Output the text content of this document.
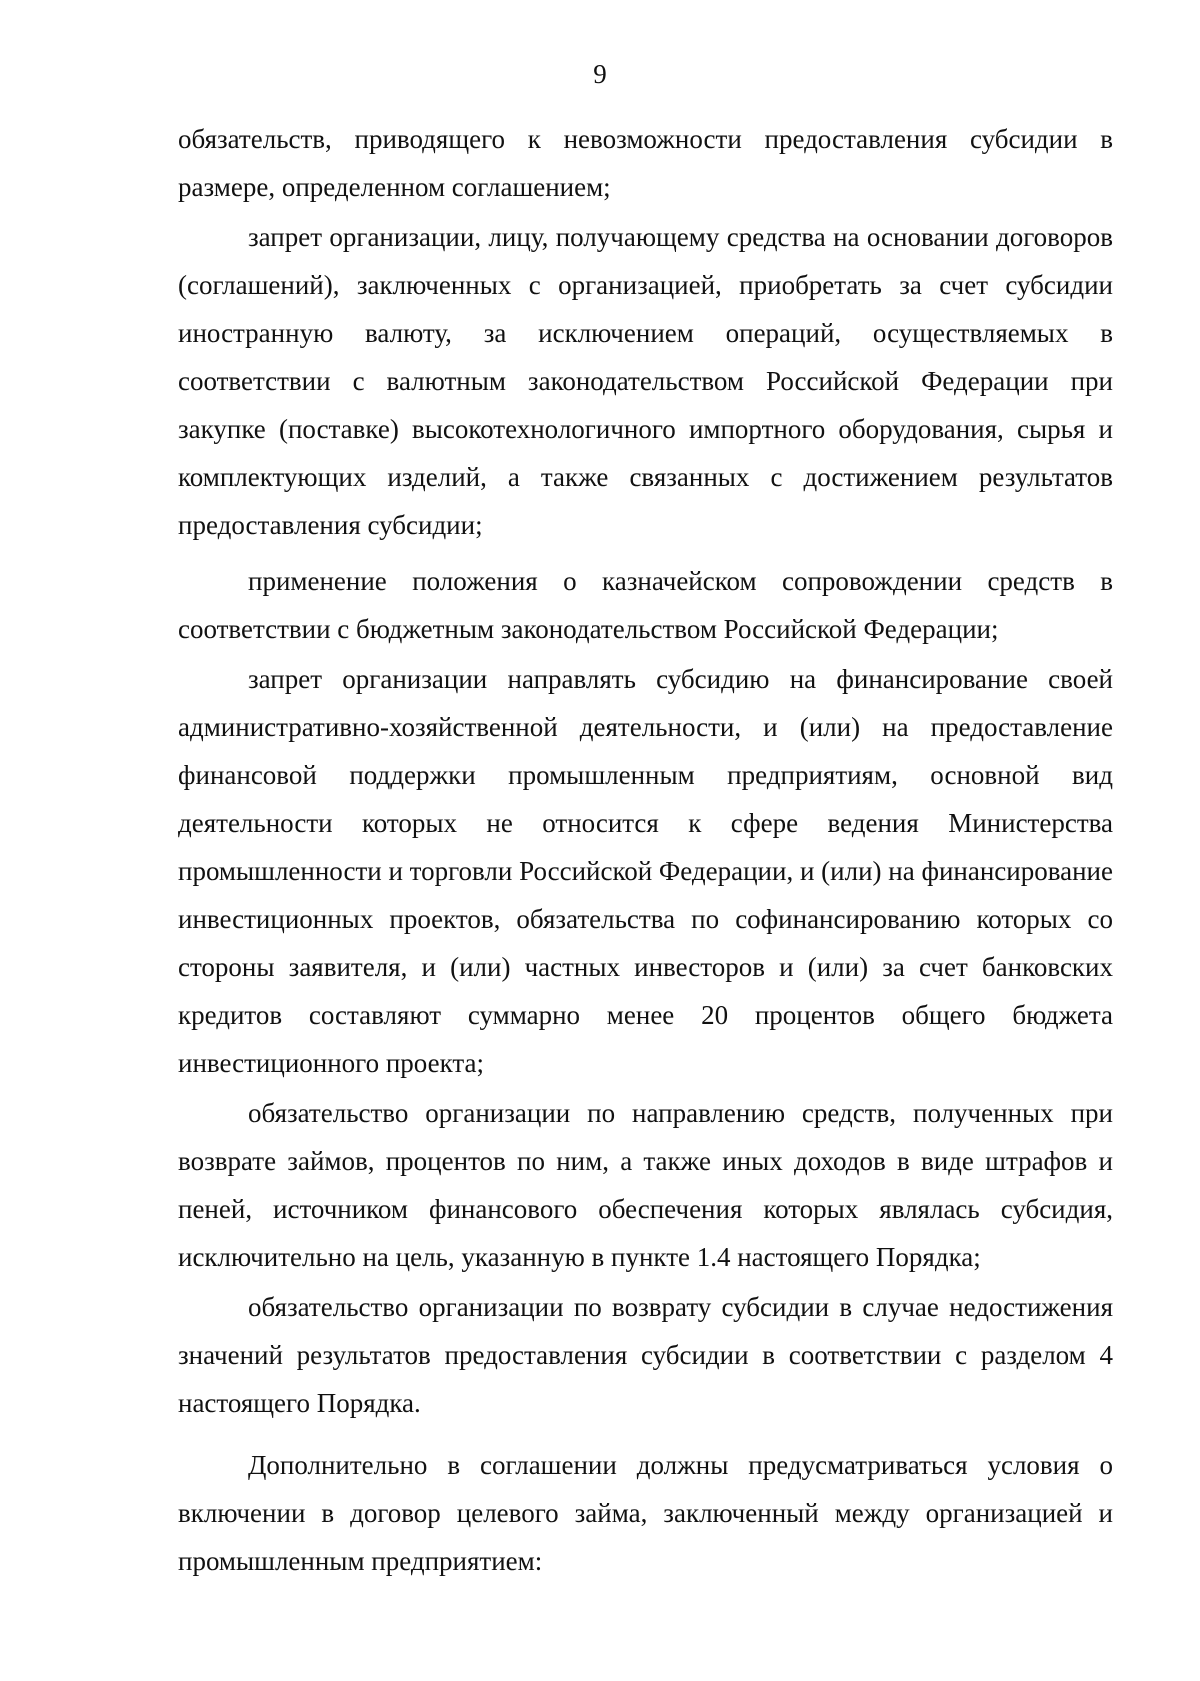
9

обязательств, приводящего к невозможности предоставления субсидии в размере, определенном соглашением;

запрет организации, лицу, получающему средства на основании договоров (соглашений), заключенных с организацией, приобретать за счет субсидии иностранную валюту, за исключением операций, осуществляемых в соответствии с валютным законодательством Российской Федерации при закупке (поставке) высокотехнологичного импортного оборудования, сырья и комплектующих изделий, а также связанных с достижением результатов предоставления субсидии;

применение положения о казначейском сопровождении средств в соответствии с бюджетным законодательством Российской Федерации;

запрет организации направлять субсидию на финансирование своей административно-хозяйственной деятельности, и (или) на предоставление финансовой поддержки промышленным предприятиям, основной вид деятельности которых не относится к сфере ведения Министерства промышленности и торговли Российской Федерации, и (или) на финансирование инвестиционных проектов, обязательства по софинансированию которых со стороны заявителя, и (или) частных инвесторов и (или) за счет банковских кредитов составляют суммарно менее 20 процентов общего бюджета инвестиционного проекта;

обязательство организации по направлению средств, полученных при возврате займов, процентов по ним, а также иных доходов в виде штрафов и пеней, источником финансового обеспечения которых являлась субсидия, исключительно на цель, указанную в пункте 1.4 настоящего Порядка;

обязательство организации по возврату субсидии в случае недостижения значений результатов предоставления субсидии в соответствии с разделом 4 настоящего Порядка.

Дополнительно в соглашении должны предусматриваться условия о включении в договор целевого займа, заключенный между организацией и промышленным предприятием:
